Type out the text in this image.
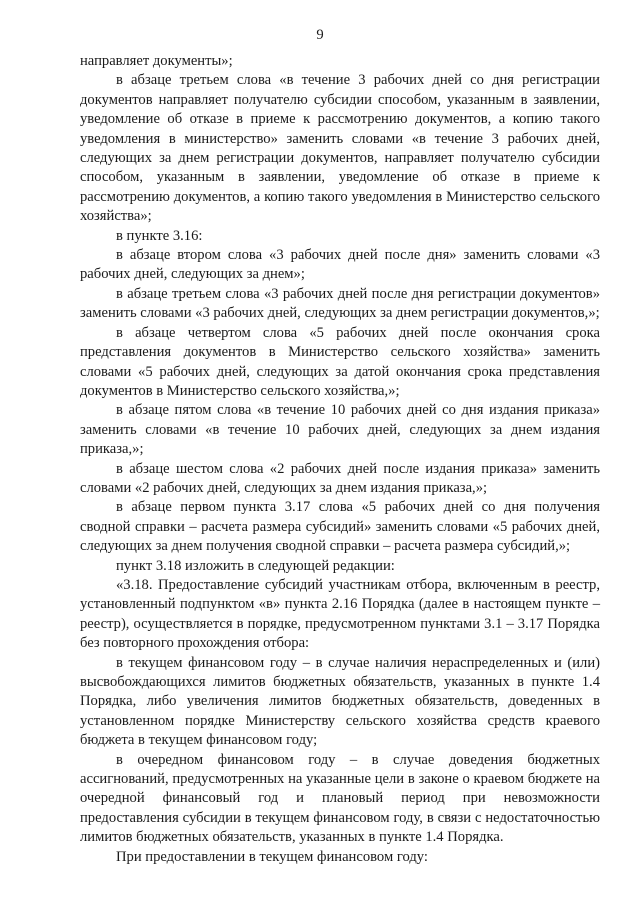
9

направляет документы»;

в абзаце третьем слова «в течение 3 рабочих дней со дня регистрации документов направляет получателю субсидии способом, указанным в заявлении, уведомление об отказе в приеме к рассмотрению документов, а копию такого уведомления в министерство» заменить словами «в течение 3 рабочих дней, следующих за днем регистрации документов, направляет получателю субсидии способом, указанным в заявлении, уведомление об отказе в приеме к рассмотрению документов, а копию такого уведомления в Министерство сельского хозяйства»;

в пункте 3.16:

в абзаце втором слова «3 рабочих дней после дня» заменить словами «3 рабочих дней, следующих за днем»;

в абзаце третьем слова «3 рабочих дней после дня регистрации документов» заменить словами «3 рабочих дней, следующих за днем регистрации документов,»;

в абзаце четвертом слова «5 рабочих дней после окончания срока представления документов в Министерство сельского хозяйства» заменить словами «5 рабочих дней, следующих за датой окончания срока представления документов в Министерство сельского хозяйства,»;

в абзаце пятом слова «в течение 10 рабочих дней со дня издания приказа» заменить словами «в течение 10 рабочих дней, следующих за днем издания приказа,»;

в абзаце шестом слова «2 рабочих дней после издания приказа» заменить словами «2 рабочих дней, следующих за днем издания приказа,»;

в абзаце первом пункта 3.17 слова «5 рабочих дней со дня получения сводной справки – расчета размера субсидий» заменить словами «5 рабочих дней, следующих за днем получения сводной справки – расчета размера субсидий,»;

пункт 3.18 изложить в следующей редакции:

«3.18. Предоставление субсидий участникам отбора, включенным в реестр, установленный подпунктом «в» пункта 2.16 Порядка (далее в настоящем пункте – реестр), осуществляется в порядке, предусмотренном пунктами 3.1 – 3.17 Порядка без повторного прохождения отбора:

в текущем финансовом году – в случае наличия нераспределенных и (или) высвобождающихся лимитов бюджетных обязательств, указанных в пункте 1.4 Порядка, либо увеличения лимитов бюджетных обязательств, доведенных в установленном порядке Министерству сельского хозяйства средств краевого бюджета в текущем финансовом году;

в очередном финансовом году – в случае доведения бюджетных ассигнований, предусмотренных на указанные цели в законе о краевом бюджете на очередной финансовый год и плановый период при невозможности предоставления субсидии в текущем финансовом году, в связи с недостаточностью лимитов бюджетных обязательств, указанных в пункте 1.4 Порядка.

При предоставлении в текущем финансовом году:
